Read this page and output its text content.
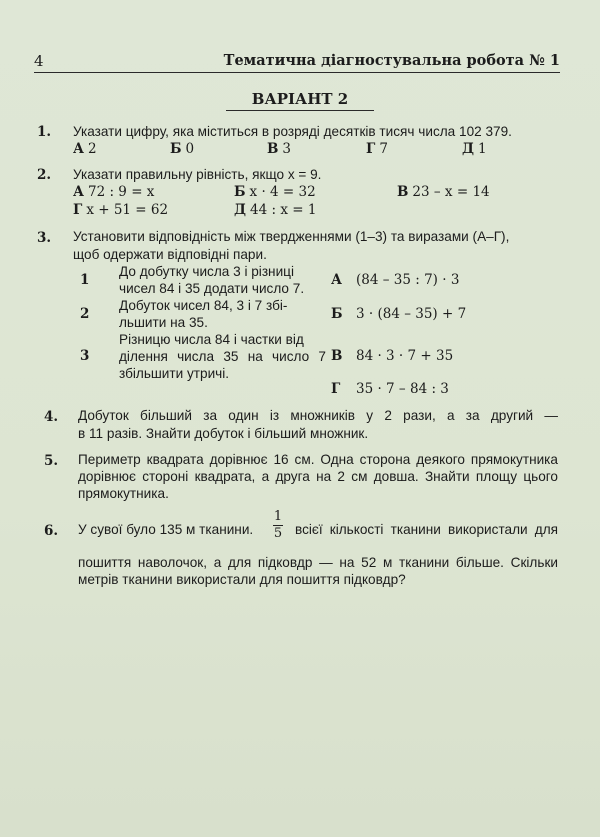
4	Тематична діагностувальна робота № 1
ВАРІАНТ 2
1. Указати цифру, яка міститься в розряді десятків тисяч числа 102 379.
А 2	Б 0	В 3	Г 7	Д 1
2. Указати правильну рівність, якщо x = 9.
А 72 : 9 = x	Б x · 4 = 32	В 23 – x = 14
Г x + 51 = 62	Д 44 : x = 1
3. Установити відповідність між твердженнями (1–3) та виразами (А–Г),
щоб одержати відповідні пари.
1
До добутку числа 3 і різниці
чисел 84 і 35 додати число 7.
2
Добуток чисел 84, 3 і 7 збі-
льшити на 35.
3
Різницю числа 84 і частки від
ділення числа 35 на число 7
збільшити утричі.
А (84 – 35 : 7) · 3
Б 3 · (84 – 35) + 7
В 84 · 3 · 7 + 35
Г 35 · 7 – 84 : 3
4. Добуток більший за один із множників у 2 рази, а за другий —
в 11 разів. Знайти добуток і більший множник.
5. Периметр квадрата дорівнює 16 см. Одна сторона деякого прямокутника
дорівнює стороні квадрата, а друга на 2 см довша. Знайти площу цього
прямокутника.
6. У сувої було 135 м тканини.
1
5 всієї кількості тканини використали для
пошиття наволочок, а для підковдр — на 52 м тканини більше. Скільки
метрів тканини використали для пошиття підковдр?
